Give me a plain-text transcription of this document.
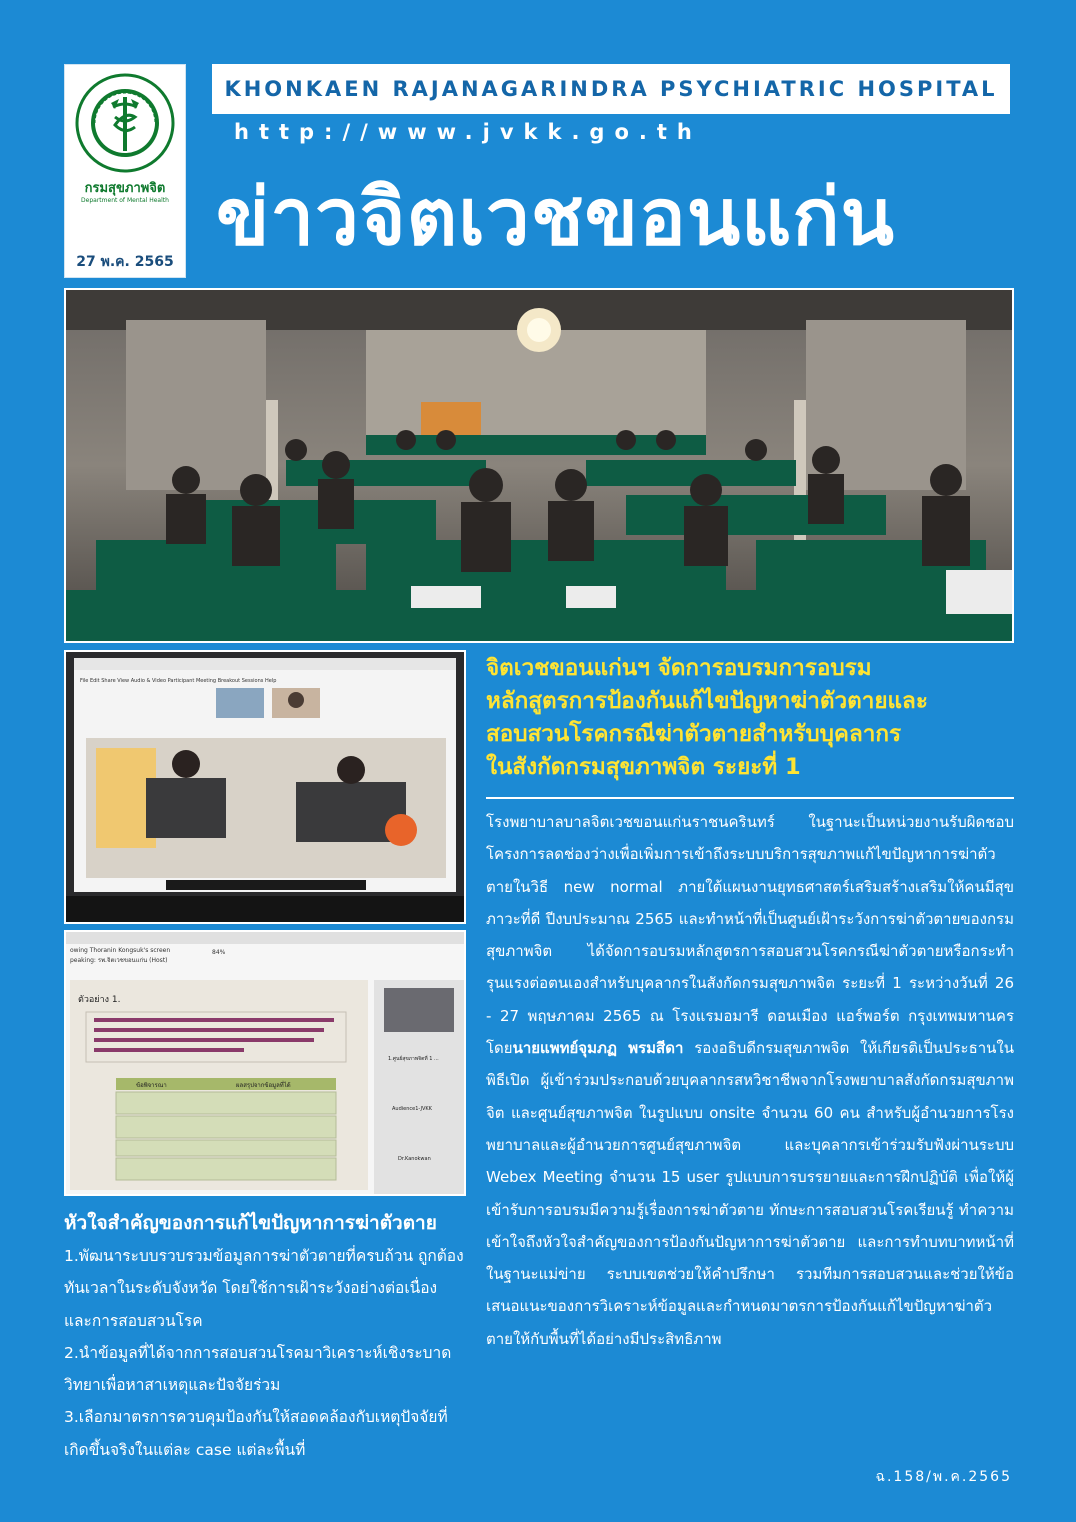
กรมสุขภาพจิต
Department of Mental Health
27 พ.ค. 2565
KHONKAEN RAJANAGARINDRA PSYCHIATRIC HOSPITAL
http://www.jvkk.go.th
ข่าวจิตเวชขอนแก่น
File Edit Share View Audio & Video Participant Meeting Breakout Sessions Help
owing Thoranin Kongsuk's screen
peaking: รพ.จิตเวชขอนแก่น (Host)
84%
ตัวอย่าง 1.
ข้อพิจารณา	ผลสรุปจากข้อมูลที่ได้
1.ศูนย์สุขภาพจิตที่ 1 ...
Audience1-JVKK
Dr.Kanokwan
จิตเวชขอนแก่นฯ จัดการอบรมการอบรม
หลักสูตรการป้องกันแก้ไขปัญหาฆ่าตัวตายและ
สอบสวนโรคกรณีฆ่าตัวตายสำหรับบุคลากร
ในสังกัดกรมสุขภาพจิต ระยะที่ 1

โรงพยาบาลบาลจิตเวชขอนแก่นราชนครินทร์ ในฐานะเป็นหน่วยงานรับผิดชอบโครงการลดช่องว่างเพื่อเพิ่มการเข้าถึงระบบบริการสุขภาพแก้ไขปัญหาการฆ่าตัวตายในวิธี new normal ภายใต้แผนงานยุทธศาสตร์เสริมสร้างเสริมให้คนมีสุขภาวะที่ดี ปีงบประมาณ 2565 และทำหน้าที่เป็นศูนย์เฝ้าระวังการฆ่าตัวตายของกรมสุขภาพจิต ได้จัดการอบรมหลักสูตรการสอบสวนโรคกรณีฆ่าตัวตายหรือกระทำรุนแรงต่อตนเองสำหรับบุคลากรในสังกัดกรมสุขภาพจิต ระยะที่ 1 ระหว่างวันที่ 26 - 27 พฤษภาคม 2565 ณ โรงแรมอมารี ดอนเมือง แอร์พอร์ต กรุงเทพมหานคร โดยนายแพทย์จุมภฏ พรมสีดา รองอธิบดีกรมสุขภาพจิต ให้เกียรติเป็นประธานในพิธีเปิด ผู้เข้าร่วมประกอบด้วยบุคลากรสหวิชาชีพจากโรงพยาบาลสังกัดกรมสุขภาพจิต และศูนย์สุขภาพจิต ในรูปแบบ onsite จำนวน 60 คน สำหรับผู้อำนวยการโรงพยาบาลและผู้อำนวยการศูนย์สุขภาพจิต และบุคลากรเข้าร่วมรับฟังผ่านระบบ Webex Meeting จำนวน 15 user รูปแบบการบรรยายและการฝึกปฏิบัติ เพื่อให้ผู้เข้ารับการอบรมมีความรู้เรื่องการฆ่าตัวตาย ทักษะการสอบสวนโรคเรียนรู้ ทำความเข้าใจถึงหัวใจสำคัญของการป้องกันปัญหาการฆ่าตัวตาย และการทำบทบาทหน้าที่ในฐานะแม่ข่าย ระบบเขตช่วยให้คำปรึกษา รวมทีมการสอบสวนและช่วยให้ข้อเสนอแนะของการวิเคราะห์ข้อมูลและกำหนดมาตรการป้องกันแก้ไขปัญหาฆ่าตัวตายให้กับพื้นที่ได้อย่างมีประสิทธิภาพ

หัวใจสำคัญของการแก้ไขปัญหาการฆ่าตัวตาย
1.พัฒนาระบบรวบรวมข้อมูลการฆ่าตัวตายที่ครบถ้วน ถูกต้อง ทันเวลาในระดับจังหวัด โดยใช้การเฝ้าระวังอย่างต่อเนื่อง และการสอบสวนโรค
2.นำข้อมูลที่ได้จากการสอบสวนโรคมาวิเคราะห์เชิงระบาดวิทยาเพื่อหาสาเหตุและปัจจัยร่วม
3.เลือกมาตรการควบคุมป้องกันให้สอดคล้องกับเหตุปัจจัยที่เกิดขึ้นจริงในแต่ละ case แต่ละพื้นที่
ฉ.158/พ.ค.2565
